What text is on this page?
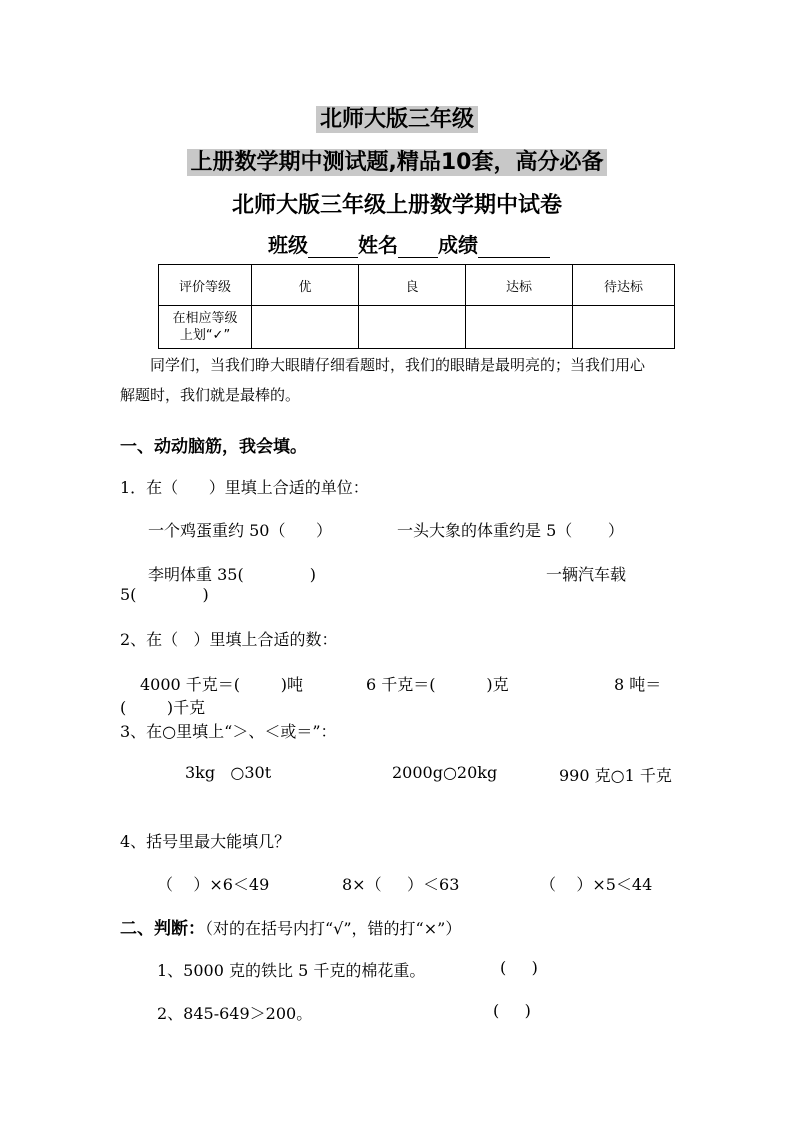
北师大版三年级
上册数学期中测试题,精品10套，高分必备
北师大版三年级上册数学期中试卷
班级	姓名 成绩
评价等级	优	良	达标	待达标
在相应等级
上划“✓”				
同学们，当我们睁大眼睛仔细看题时，我们的眼睛是最明亮的；当我们用心
解题时，我们就是最棒的。
一、动动脑筋，我会填。
1．在（      ）里填上合适的单位：
一个鸡蛋重约 50（      ）	一头大象的体重约是 5（       ）
李明体重 35(             )	一辆汽车载
5(             )
2、在（   ）里填上合适的数：
4000 千克＝(        )吨	6 千克＝(          )克	8 吨＝
(        )千克
3、在○里填上“＞、＜或＝”：
3kg   ○30t	2000g○20kg	990 克○1 千克
4、括号里最大能填几？
（    ）×6＜49	8×（     ）＜63	（    ）×5＜44
二、判断：（对的在括号内打“√”，错的打“×”）
1、5000 克的铁比 5 千克的棉花重。	(     )
2、845-649＞200。	(     )
